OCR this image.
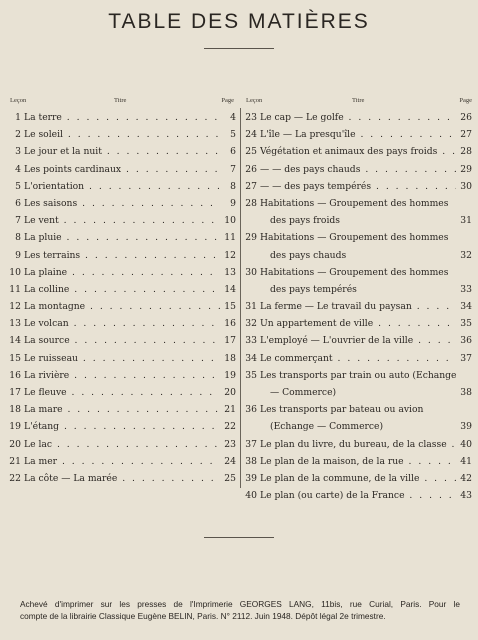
TABLE DES MATIÈRES
Leçon	Titre	Page
1 La terre . . .	4
2 Le soleil . . .	5
3 Le jour et la nuit . . .	6
4 Les points cardinaux . . .	7
5 L'orientation . . .	8
6 Les saisons . . .	9
7 Le vent . . .	10
8 La pluie . . .	11
9 Les terrains . . .	12
10 La plaine . . .	13
11 La colline . . .	14
12 La montagne . . .	15
13 Le volcan . . .	16
14 La source . . .	17
15 Le ruisseau . . .	18
16 La rivière . . .	19
17 Le fleuve . . .	20
18 La mare . . .	21
19 L'étang . . .	22
20 Le lac . . .	23
21 La mer . . .	24
22 La côte — La marée . . .	25
Leçon	Titre	Page
23 Le cap — Le golfe . . .	26
24 L'île — La presqu'île . . .	27
25 Végétation et animaux des pays froids . . .	28
26 — — des pays chauds . . .	29
27 — — des pays tempérés . . .	30
28 Habitations — Groupement des hommes
des pays froids	31
29 Habitations — Groupement des hommes
des pays chauds	32
30 Habitations — Groupement des hommes
des pays tempérés	33
31 La ferme — Le travail du paysan . . .	34
32 Un appartement de ville . . .	35
33 L'employé — L'ouvrier de la ville . . .	36
34 Le commerçant . . .	37
35 Les transports par train ou auto (Echange
— Commerce)	38
36 Les transports par bateau ou avion
(Echange — Commerce)	39
37 Le plan du livre, du bureau, de la classe . . .	40
38 Le plan de la maison, de la rue . . .	41
39 Le plan de la commune, de la ville . . .	42
40 Le plan (ou carte) de la France . . .	43
Achevé d'imprimer sur les presses de l'Imprimerie GEORGES LANG, 11bis, rue Curial, Paris. Pour le
compte de la librairie Classique Eugène BELIN, Paris. N° 2112. Juin 1948. Dépôt légal 2e trimestre.
